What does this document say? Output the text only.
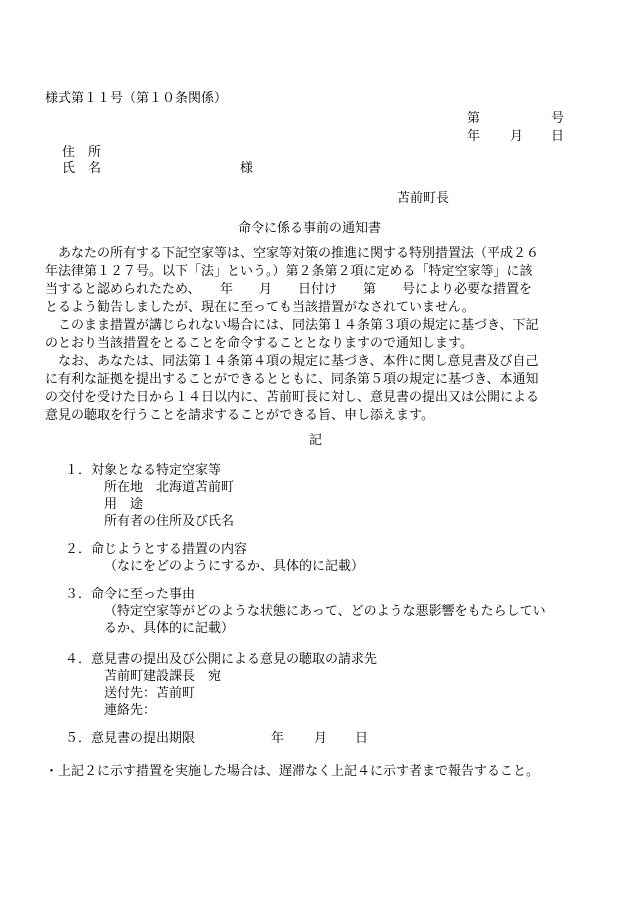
様式第１１号（第１０条関係）
第	号
年 月 日
住　所
氏　名	様
苫前町長
命令に係る事前の通知書
　あなたの所有する下記空家等は、空家等対策の推進に関する特別措置法（平成２６
年法律第１２７号。以下「法」という。）第２条第２項に定める「特定空家等」に該
当すると認められたため、　　年　　月　　日付け　　第　　号により必要な措置を
とるよう勧告しましたが、現在に至っても当該措置がなされていません。
　このまま措置が講じられない場合には、同法第１４条第３項の規定に基づき、下記
のとおり当該措置をとることを命令することとなりますので通知します。
　なお、あなたは、同法第１４条第４項の規定に基づき、本件に関し意見書及び自己
に有利な証拠を提出することができるとともに、同条第５項の規定に基づき、本通知
の交付を受けた日から１４日以内に、苫前町長に対し、意見書の提出又は公開による
意見の聴取を行うことを請求することができる旨、申し添えます。
記
１．対象となる特定空家等
所在地　北海道苫前町
用　途
所有者の住所及び氏名
２．命じようとする措置の内容
（なにをどのようにするか、具体的に記載）
３．命令に至った事由
（特定空家等がどのような状態にあって、どのような悪影響をもたらしてい
るか、具体的に記載）
４．意見書の提出及び公開による意見の聴取の請求先
苫前町建設課長　宛
送付先：苫前町
連絡先：
５．意見書の提出期限	年 月 日
・上記２に示す措置を実施した場合は、遅滞なく上記４に示す者まで報告すること。
